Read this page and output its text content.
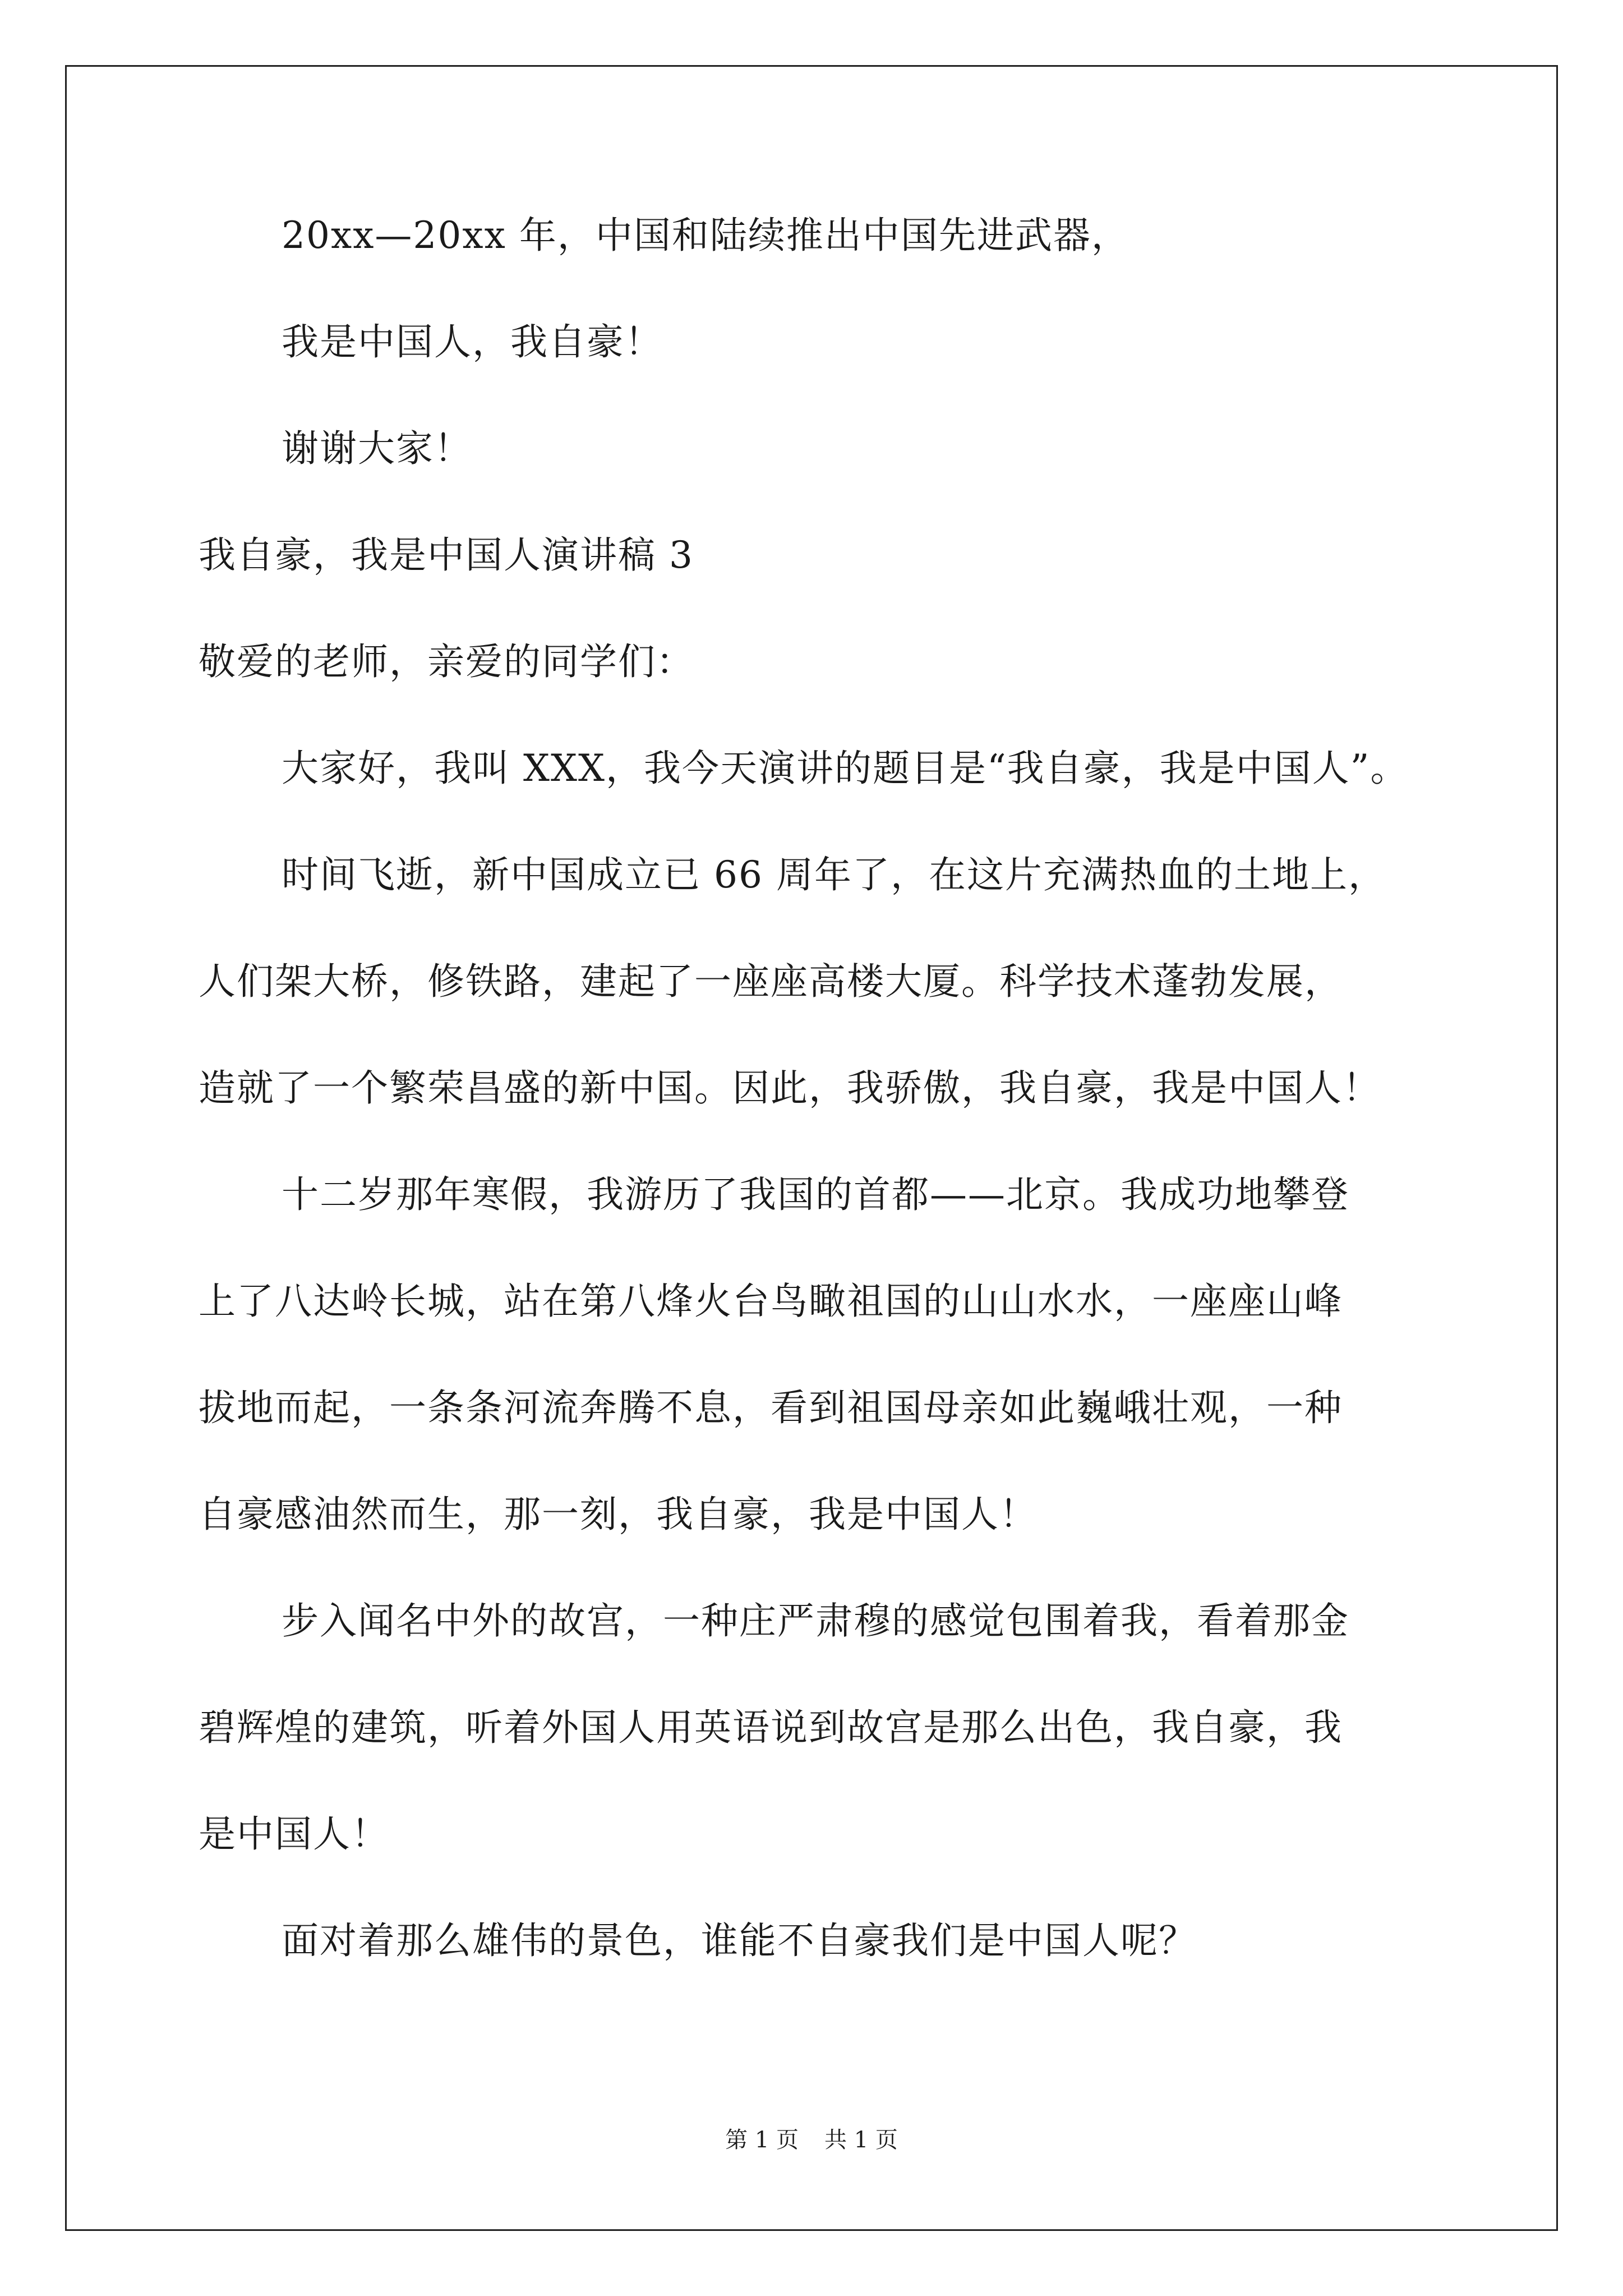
20xx—20xx 年，中国和陆续推出中国先进武器，
我是中国人，我自豪！
谢谢大家！
我自豪，我是中国人演讲稿 3
敬爱的老师，亲爱的同学们：
大家好，我叫 XXX，我今天演讲的题目是“我自豪，我是中国人”。
时间飞逝，新中国成立已 66 周年了，在这片充满热血的土地上，
人们架大桥，修铁路，建起了一座座高楼大厦。科学技术蓬勃发展，
造就了一个繁荣昌盛的新中国。因此，我骄傲，我自豪，我是中国人！
十二岁那年寒假，我游历了我国的首都——北京。我成功地攀登
上了八达岭长城，站在第八烽火台鸟瞰祖国的山山水水，一座座山峰
拔地而起，一条条河流奔腾不息，看到祖国母亲如此巍峨壮观，一种
自豪感油然而生，那一刻，我自豪，我是中国人！
步入闻名中外的故宫，一种庄严肃穆的感觉包围着我，看着那金
碧辉煌的建筑，听着外国人用英语说到故宫是那么出色，我自豪，我
是中国人！
面对着那么雄伟的景色，谁能不自豪我们是中国人呢？
第 1 页 共 1 页
